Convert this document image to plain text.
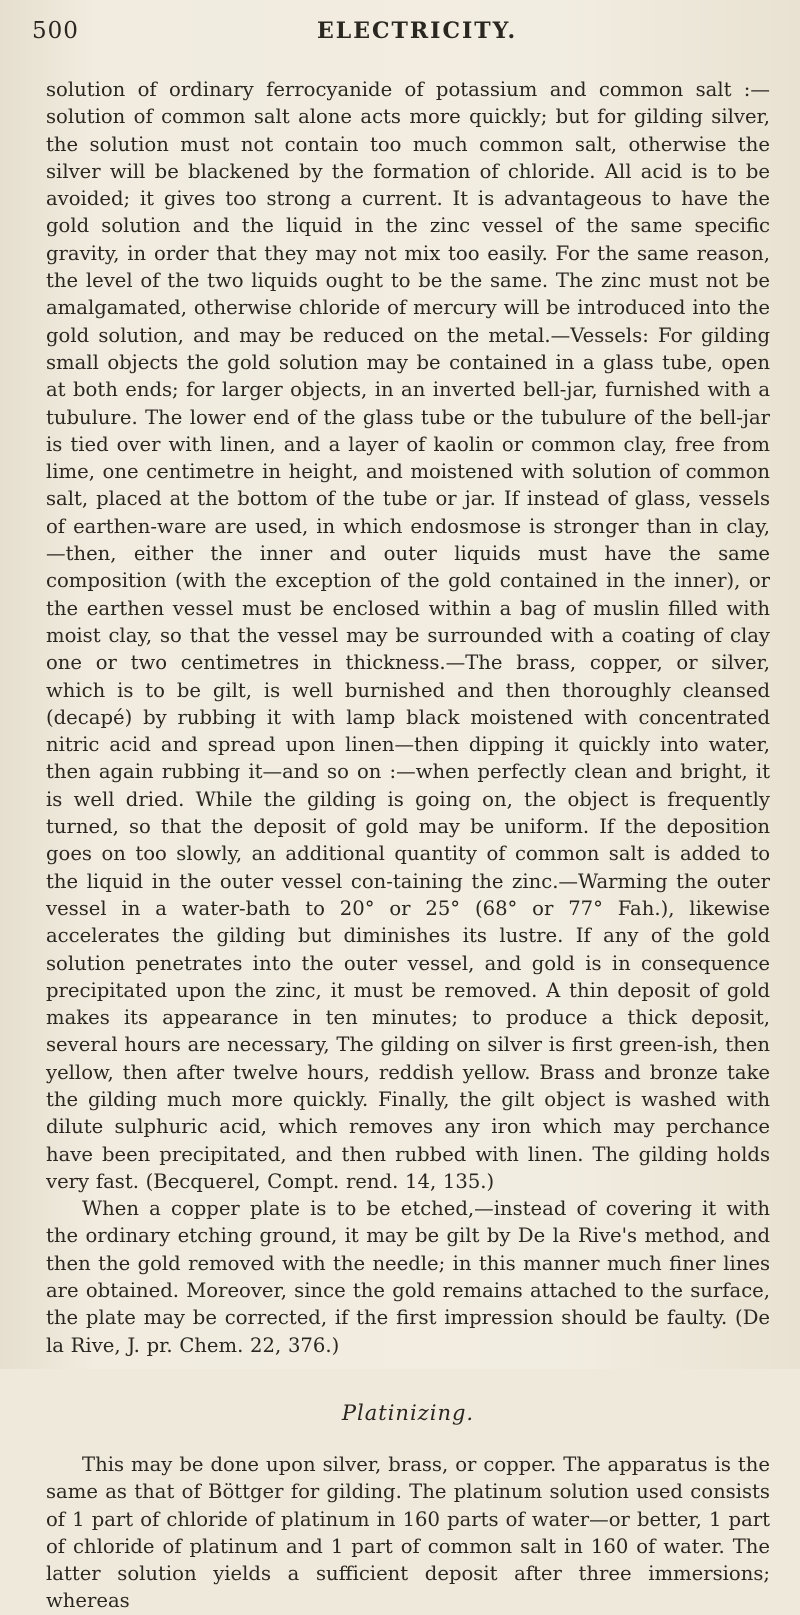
500	ELECTRICITY.

solution of ordinary ferrocyanide of potassium and common salt :—solution of common salt alone acts more quickly; but for gilding silver, the solution must not contain too much common salt, otherwise the silver will be blackened by the formation of chloride. All acid is to be avoided; it gives too strong a current. It is advantageous to have the gold solution and the liquid in the zinc vessel of the same specific gravity, in order that they may not mix too easily. For the same reason, the level of the two liquids ought to be the same. The zinc must not be amalgamated, otherwise chloride of mercury will be introduced into the gold solution, and may be reduced on the metal.—Vessels: For gilding small objects the gold solution may be contained in a glass tube, open at both ends; for larger objects, in an inverted bell-jar, furnished with a tubulure. The lower end of the glass tube or the tubulure of the bell-jar is tied over with linen, and a layer of kaolin or common clay, free from lime, one centimetre in height, and moistened with solution of common salt, placed at the bottom of the tube or jar. If instead of glass, vessels of earthen-ware are used, in which endosmose is stronger than in clay,—then, either the inner and outer liquids must have the same composition (with the exception of the gold contained in the inner), or the earthen vessel must be enclosed within a bag of muslin filled with moist clay, so that the vessel may be surrounded with a coating of clay one or two centimetres in thickness.—The brass, copper, or silver, which is to be gilt, is well burnished and then thoroughly cleansed (decapé) by rubbing it with lamp black moistened with concentrated nitric acid and spread upon linen—then dipping it quickly into water, then again rubbing it—and so on :—when perfectly clean and bright, it is well dried. While the gilding is going on, the object is frequently turned, so that the deposit of gold may be uniform. If the deposition goes on too slowly, an additional quantity of common salt is added to the liquid in the outer vessel con-taining the zinc.—Warming the outer vessel in a water-bath to 20° or 25° (68° or 77° Fah.), likewise accelerates the gilding but diminishes its lustre. If any of the gold solution penetrates into the outer vessel, and gold is in consequence precipitated upon the zinc, it must be removed. A thin deposit of gold makes its appearance in ten minutes; to produce a thick deposit, several hours are necessary, The gilding on silver is first green-ish, then yellow, then after twelve hours, reddish yellow. Brass and bronze take the gilding much more quickly. Finally, the gilt object is washed with dilute sulphuric acid, which removes any iron which may perchance have been precipitated, and then rubbed with linen. The gilding holds very fast. (Becquerel, Compt. rend. 14, 135.)

When a copper plate is to be etched,—instead of covering it with the ordinary etching ground, it may be gilt by De la Rive's method, and then the gold removed with the needle; in this manner much finer lines are obtained. Moreover, since the gold remains attached to the surface, the plate may be corrected, if the first impression should be faulty. (De la Rive, J. pr. Chem. 22, 376.)

Platinizing.

This may be done upon silver, brass, or copper. The apparatus is the same as that of Böttger for gilding. The platinum solution used consists of 1 part of chloride of platinum in 160 parts of water—or better, 1 part of chloride of platinum and 1 part of common salt in 160 of water. The latter solution yields a sufficient deposit after three immersions; whereas
